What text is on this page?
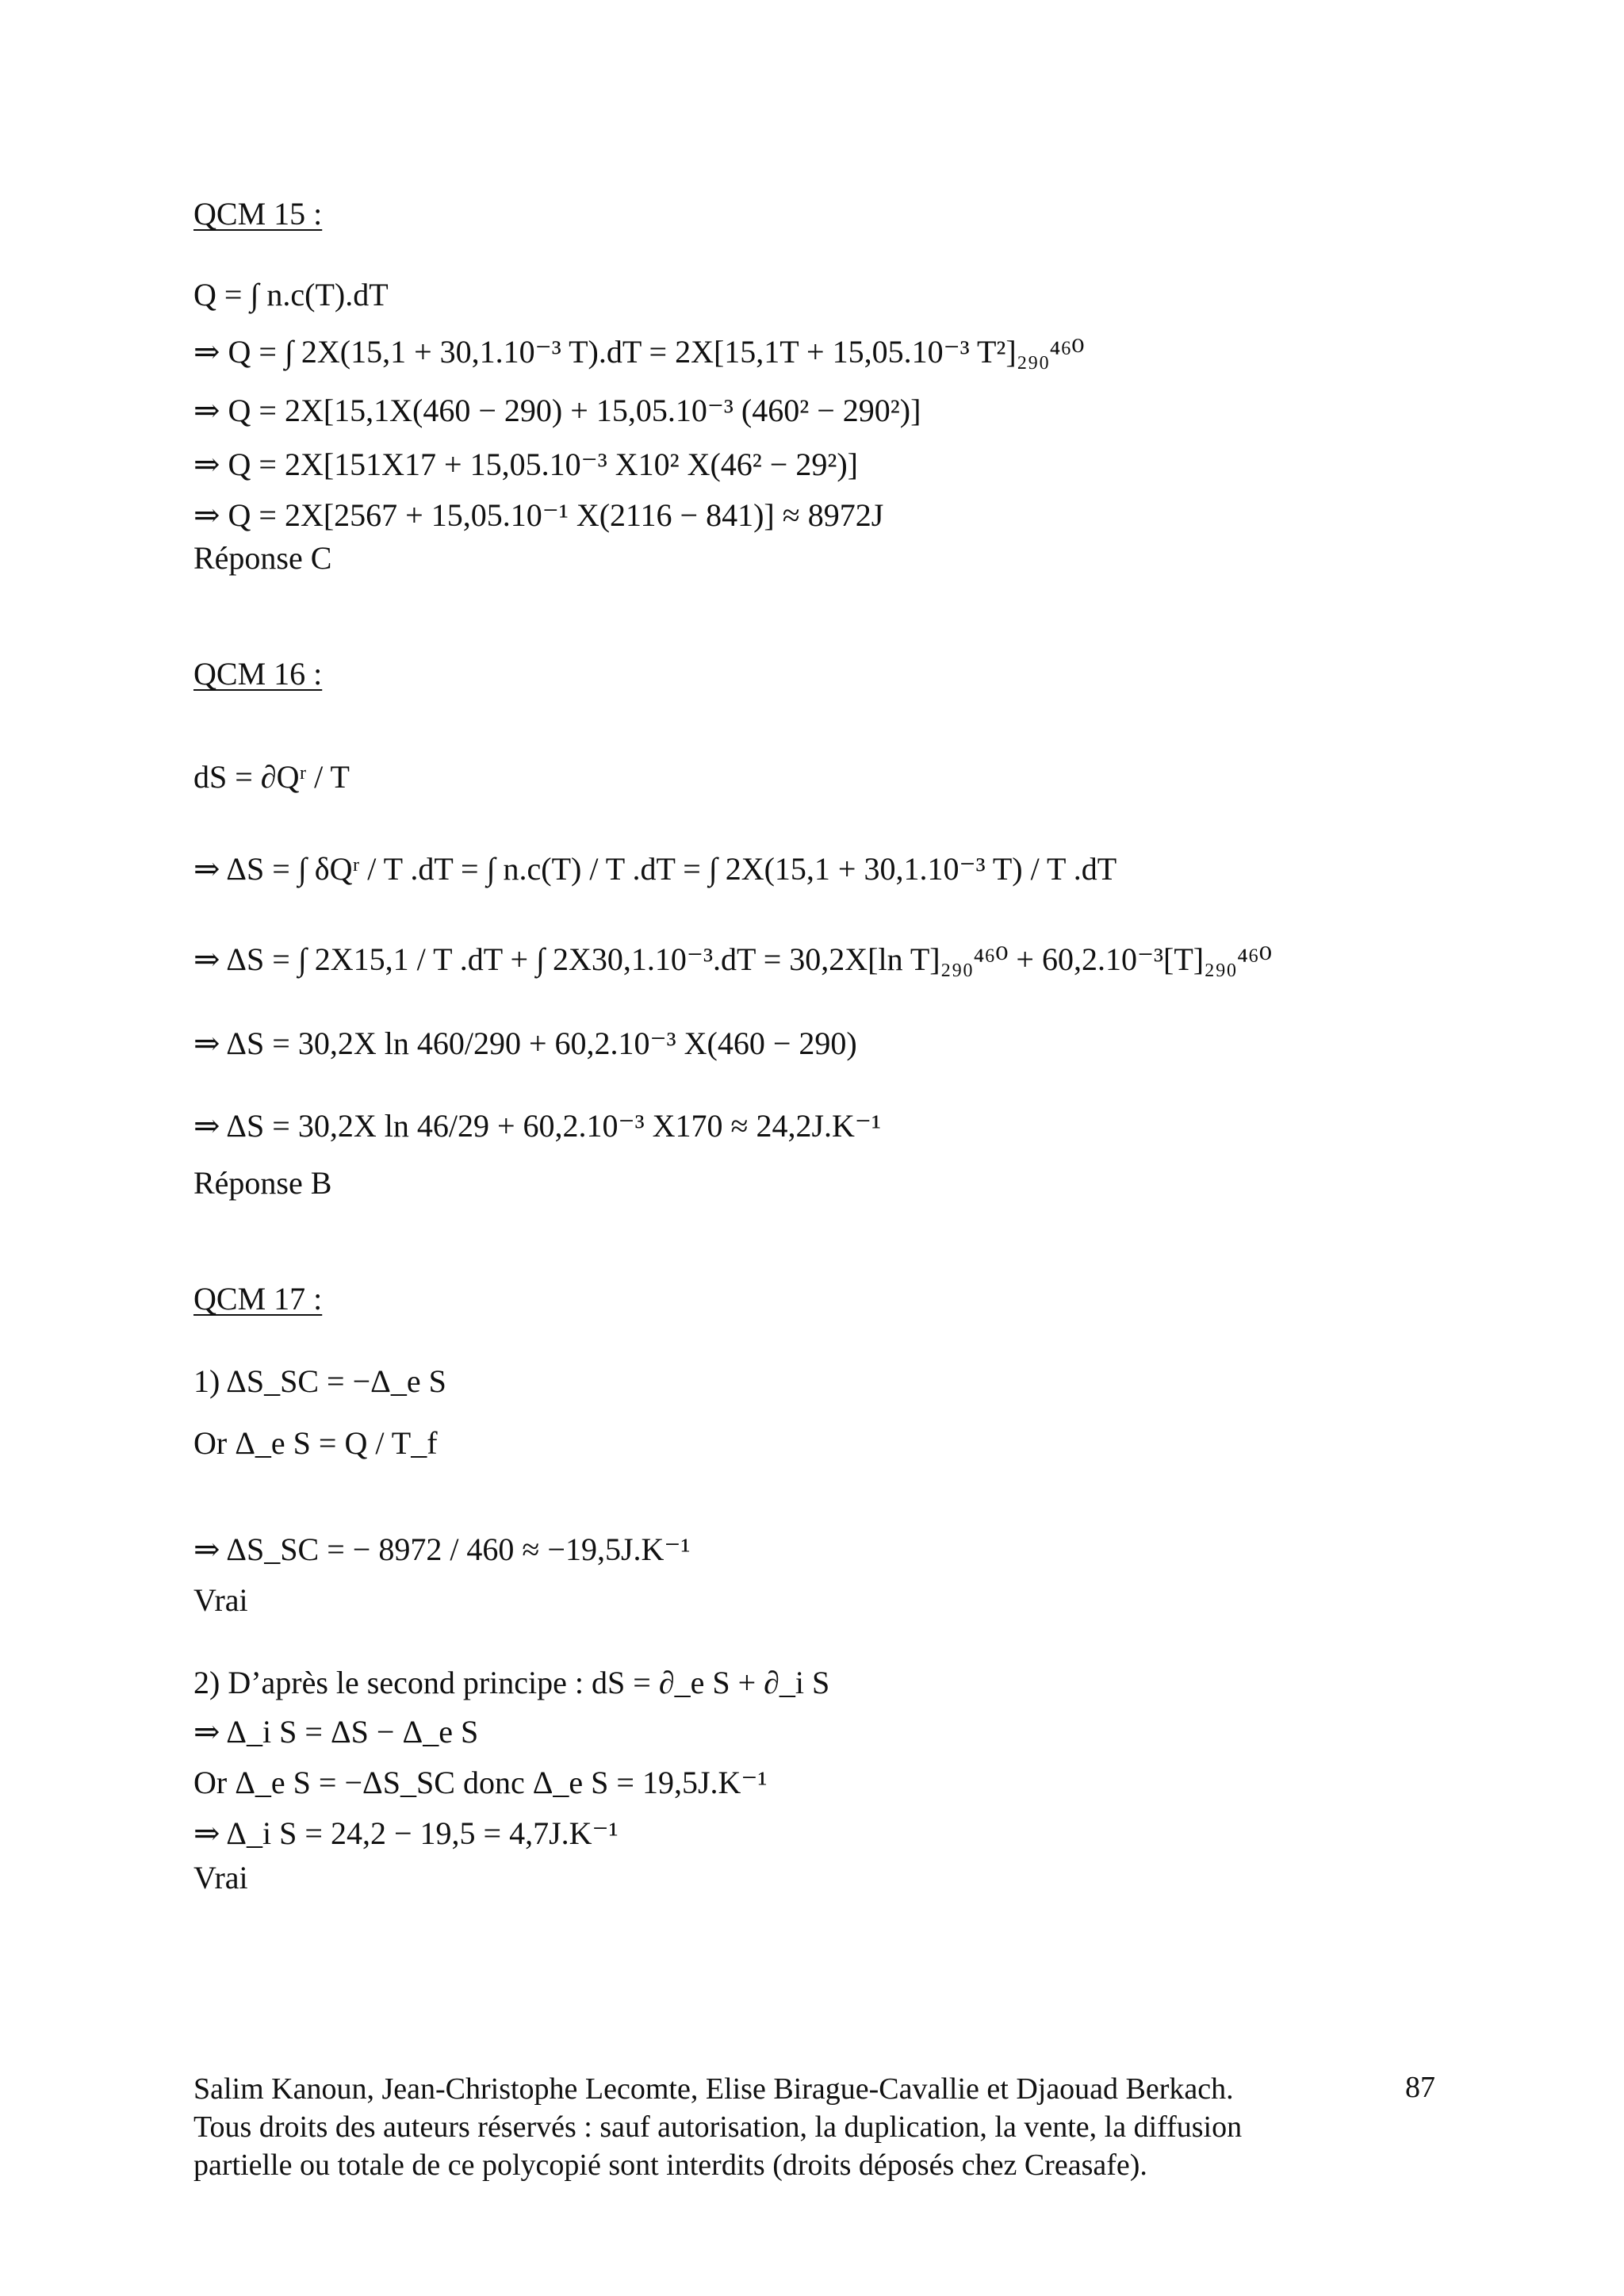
QCM 15 :
Q = ∫ n.c(T).dT
⇒ Q = ∫ 2X(15,1 + 30,1.10⁻³ T).dT = 2X[15,1T + 15,05.10⁻³ T²]₂₉₀⁴⁶⁰
⇒ Q = 2X[15,1X(460 − 290) + 15,05.10⁻³ (460² − 290²)]
⇒ Q = 2X[151X17 + 15,05.10⁻³ X10² X(46² − 29²)]
⇒ Q = 2X[2567 + 15,05.10⁻¹ X(2116 − 841)] ≈ 8972J
Réponse C
QCM 16 :
dS = ∂Qʳ / T
⇒ ΔS = ∫ δQʳ / T .dT = ∫ n.c(T) / T .dT = ∫ 2X(15,1 + 30,1.10⁻³ T) / T .dT
⇒ ΔS = ∫ 2X15,1 / T .dT + ∫ 2X30,1.10⁻³.dT = 30,2X[ln T]₂₉₀⁴⁶⁰ + 60,2.10⁻³[T]₂₉₀⁴⁶⁰
⇒ ΔS = 30,2X ln 460/290 + 60,2.10⁻³ X(460 − 290)
⇒ ΔS = 30,2X ln 46/29 + 60,2.10⁻³ X170 ≈ 24,2J.K⁻¹
Réponse B
QCM 17 :
1) ΔS_SC = −Δ_e S
Or Δ_e S = Q / T_f
⇒ ΔS_SC = − 8972 / 460 ≈ −19,5J.K⁻¹
Vrai
2) D’après le second principe : dS = ∂_e S + ∂_i S
⇒ Δ_i S = ΔS − Δ_e S
Or Δ_e S = −ΔS_SC donc Δ_e S = 19,5J.K⁻¹
⇒ Δ_i S = 24,2 − 19,5 = 4,7J.K⁻¹
Vrai
Salim Kanoun, Jean-Christophe Lecomte, Elise Birague-Cavallie et Djaouad Berkach.	87
Tous droits des auteurs réservés : sauf autorisation, la duplication, la vente, la diffusion
partielle ou totale de ce polycopié sont interdits (droits déposés chez Creasafe).
